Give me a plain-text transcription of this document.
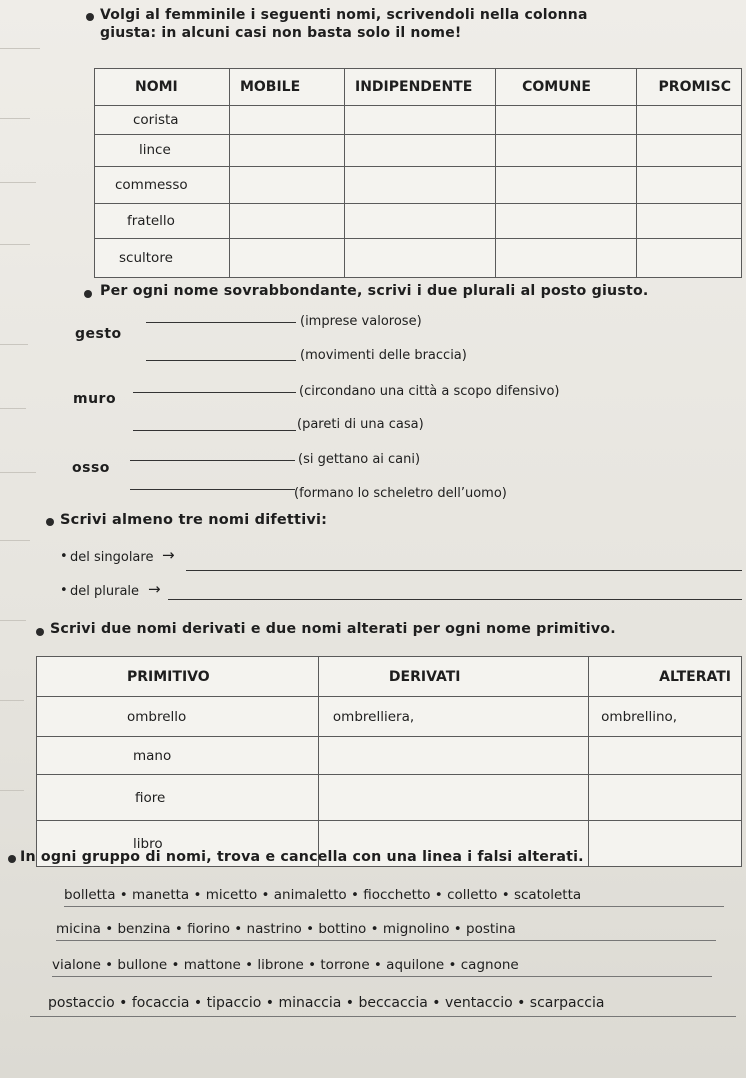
Volgi al femminile i seguenti nomi, scrivendoli nella colonna
giusta: in alcuni casi non basta solo il nome!
NOMI	MOBILE	INDIPENDENTE	COMUNE	PROMISC
corista				
lince				
commesso				
fratello				
scultore				
Per ogni nome sovrabbondante, scrivi i due plurali al posto giusto.
gesto
(imprese valorose)
(movimenti delle braccia)
muro	(circondano una città a scopo difensivo)
(pareti di una casa)
osso
(si gettano ai cani)
(formano lo scheletro dell’uomo)
Scrivi almeno tre nomi difettivi:
• del singolare →
• del plurale →
Scrivi due nomi derivati e due nomi alterati per ogni nome primitivo.
PRIMITIVO	DERIVATI	ALTERATI
ombrello	ombrelliera,	ombrellino,
mano		
fiore		
libro		
In ogni gruppo di nomi, trova e cancella con una linea i falsi alterati.
bolletta • manetta • micetto • animaletto • fiocchetto • colletto • scatoletta
micina • benzina • fiorino • nastrino • bottino • mignolino • postina
vialone • bullone • mattone • librone • torrone • aquilone • cagnone
postaccio • focaccia • tipaccio • minaccia • beccaccia • ventaccio • scarpaccia
